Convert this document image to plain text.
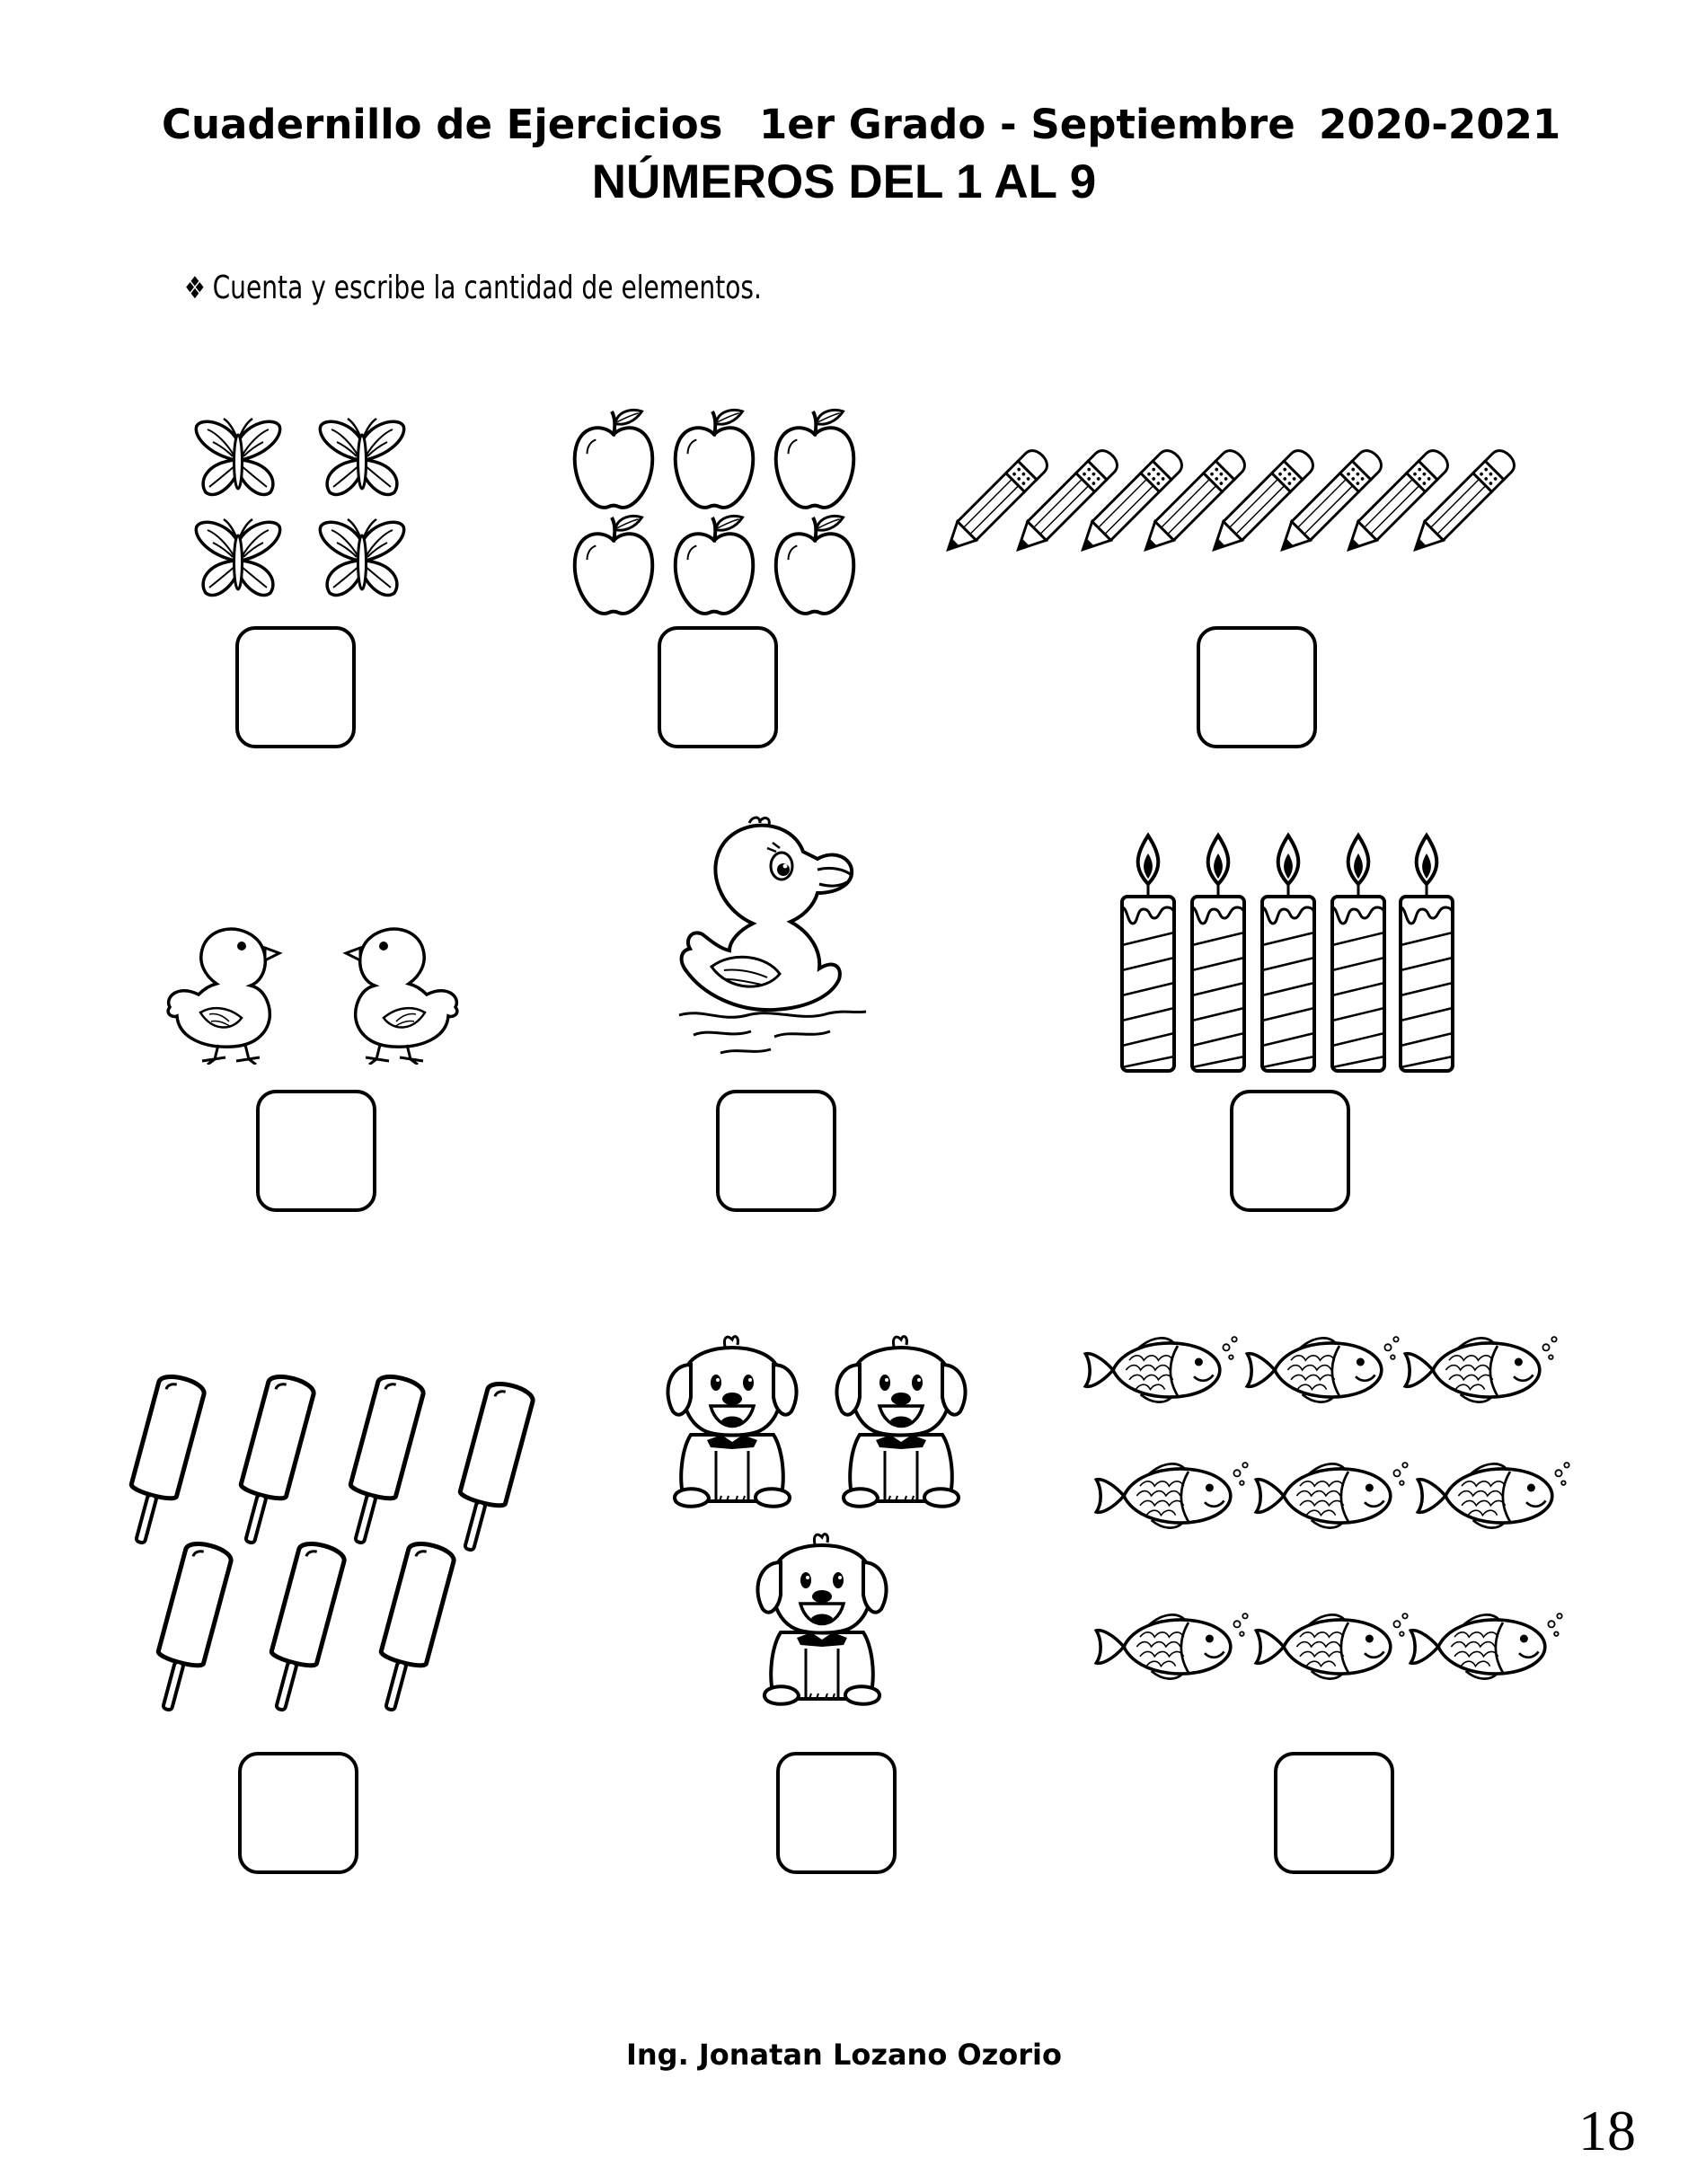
Cuadernillo de Ejercicios 1er Grado - Septiembre 2020-2021
NÚMEROS DEL 1 AL 9
❖ Cuenta y escribe la cantidad de elementos.
Ing. Jonatan Lozano Ozorio
18
